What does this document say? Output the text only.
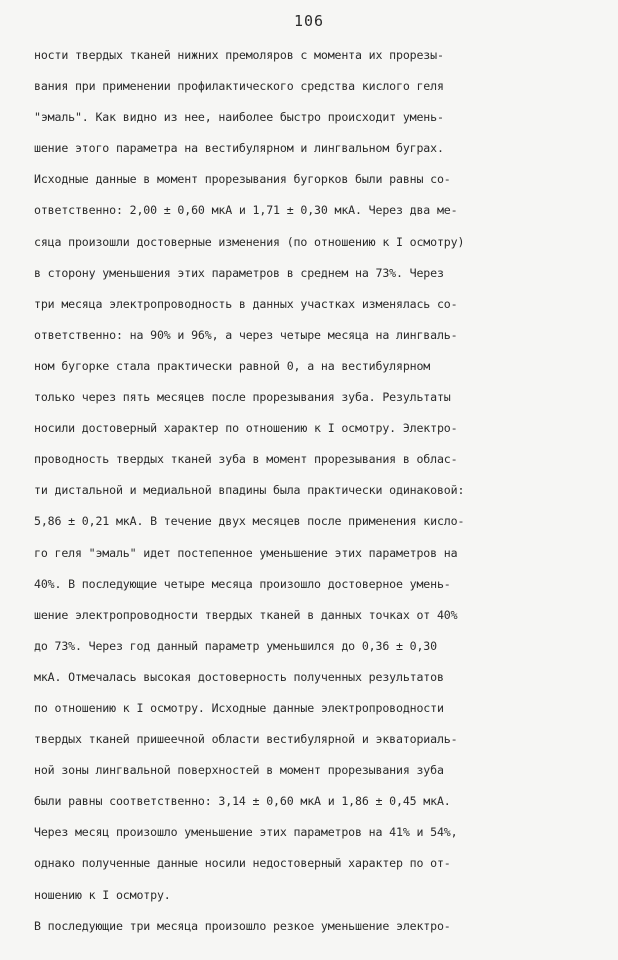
106
ности твердых тканей нижних премоляров с момента их прорезы-
вания при применении профилактического средства кислого геля
"эмаль". Как видно из нее, наиболее быстро происходит умень-
шение этого параметра на вестибулярном и лингвальном буграх.
Исходные данные в момент прорезывания бугорков были равны со-
ответственно: 2,00 ± 0,60 мкА и 1,71 ± 0,30 мкА. Через два ме-
сяца произошли достоверные изменения (по отношению к I осмотру)
в сторону уменьшения этих параметров в среднем на 73%. Через
три месяца электропроводность в данных участках изменялась со-
ответственно: на 90% и 96%, а через четыре месяца на лингваль-
ном бугорке стала практически равной 0, а на вестибулярном
только через пять месяцев после прорезывания зуба. Результаты
носили достоверный характер по отношению к I осмотру. Электро-
проводность твердых тканей зуба в момент прорезывания в облас-
ти дистальной и медиальной впадины была практически одинаковой:
5,86 ± 0,21 мкА. В течение двух месяцев после применения кисло-
го геля "эмаль" идет постепенное уменьшение этих параметров на
40%. В последующие четыре месяца произошло достоверное умень-
шение электропроводности твердых тканей в данных точках от 40%
до 73%. Через год данный параметр уменьшился до 0,36 ± 0,30
мкА. Отмечалась высокая достоверность полученных результатов
по отношению к I осмотру. Исходные данные электропроводности
твердых тканей пришеечной области вестибулярной и экваториаль-
ной зоны лингвальной поверхностей в момент прорезывания зуба
были равны соответственно: 3,14 ± 0,60 мкА и 1,86 ± 0,45 мкА.
Через месяц произошло уменьшение этих параметров на 41% и 54%,
однако полученные данные носили недостоверный характер по от-
ношению к I осмотру.
В последующие три месяца произошло резкое уменьшение электро-
